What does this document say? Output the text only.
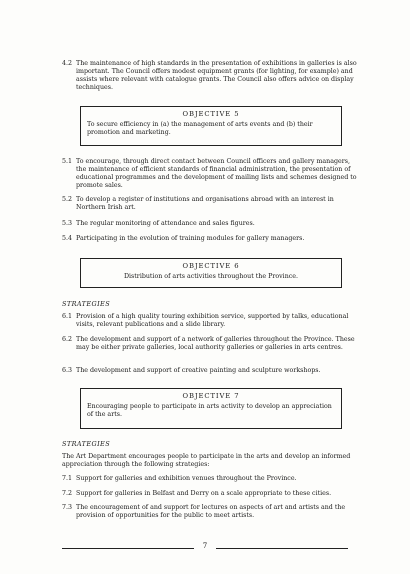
4.2 The maintenance of high standards in the presentation of exhibitions in galleries is also important. The Council offers modest equipment grants (for lighting, for example) and assists where relevant with catalogue grants. The Council also offers advice on display techniques.
OBJECTIVE 5
To secure efficiency in (a) the management of arts events and (b) their promotion and marketing.
5.1 To encourage, through direct contact between Council officers and gallery managers, the maintenance of efficient standards of financial administration, the presentation of educational programmes and the development of mailing lists and schemes designed to promote sales.
5.2 To develop a register of institutions and organisations abroad with an interest in Northern Irish art.
5.3 The regular monitoring of attendance and sales figures.
5.4 Participating in the evolution of training modules for gallery managers.
OBJECTIVE 6
Distribution of arts activities throughout the Province.
STRATEGIES
6.1 Provision of a high quality touring exhibition service, supported by talks, educational visits, relevant publications and a slide library.
6.2 The development and support of a network of galleries throughout the Province. These may be either private galleries, local authority galleries or galleries in arts centres.
6.3 The development and support of creative painting and sculpture workshops.
OBJECTIVE 7
Encouraging people to participate in arts activity to develop an appreciation of the arts.
STRATEGIES
The Art Department encourages people to participate in the arts and develop an informed appreciation through the following strategies:
7.1 Support for galleries and exhibition venues throughout the Province.
7.2 Support for galleries in Belfast and Derry on a scale appropriate to these cities.
7.3 The encouragement of and support for lectures on aspects of art and artists and the provision of opportunities for the public to meet artists.
7
